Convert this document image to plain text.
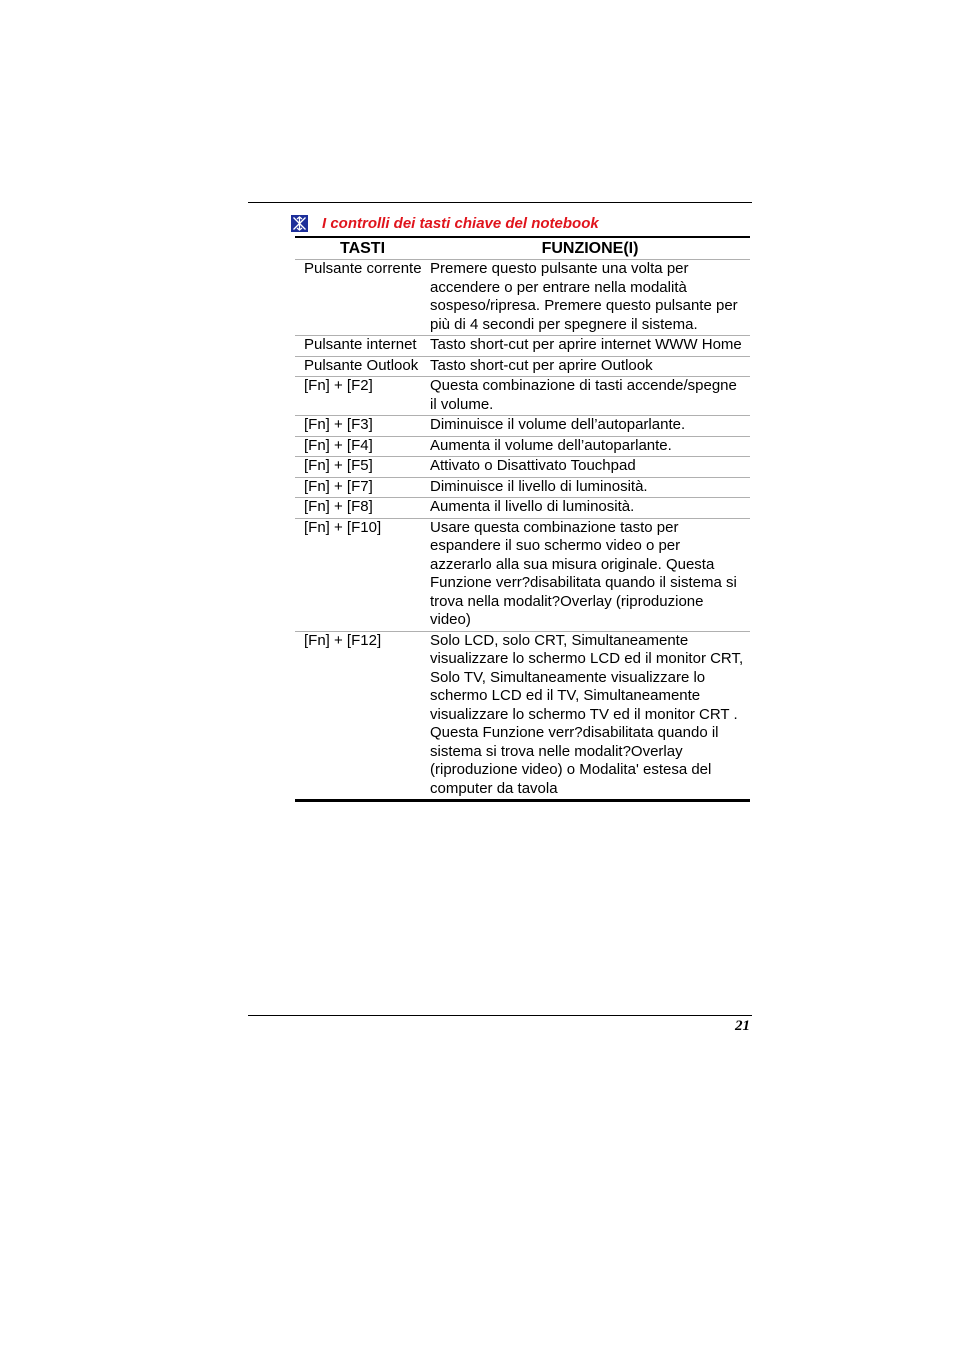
I controlli dei tasti chiave del notebook
TASTI	FUNZIONE(I)
Pulsante corrente	Premere questo pulsante una volta per accendere o per entrare nella modalità sospeso/ripresa. Premere questo pulsante per più di 4 secondi per spegnere il sistema.
Pulsante internet	Tasto short-cut per aprire internet WWW Home
Pulsante Outlook	Tasto short-cut per aprire Outlook
[Fn] + [F2]	Questa combinazione di tasti accende/spegne il volume.
[Fn] + [F3]	Diminuisce il volume dell’autoparlante.
[Fn] + [F4]	Aumenta il volume dell’autoparlante.
[Fn] + [F5]	Attivato o Disattivato Touchpad
[Fn] + [F7]	Diminuisce il livello di luminosità.
[Fn] + [F8]	Aumenta il livello di luminosità.
[Fn] + [F10]	Usare questa combinazione tasto per espandere il suo schermo video o per azzerarlo alla sua misura originale. Questa Funzione verr?disabilitata quando il sistema si trova nella modalit?Overlay (riproduzione video)
[Fn] + [F12]	Solo LCD, solo CRT, Simultaneamente visualizzare lo schermo LCD ed il monitor CRT, Solo TV, Simultaneamente visualizzare lo schermo LCD ed il TV, Simultaneamente visualizzare lo schermo TV ed il monitor CRT . Questa Funzione verr?disabilitata quando il sistema si trova nelle modalit?Overlay (riproduzione video) o Modalita' estesa del computer da tavola
21
